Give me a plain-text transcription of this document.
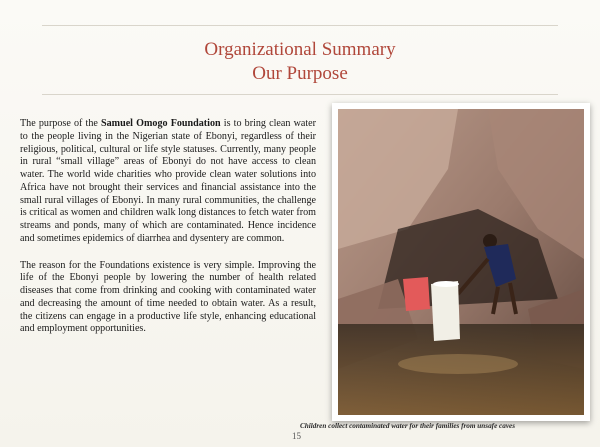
Organizational Summary
Our Purpose

The purpose of the Samuel Omogo Foundation is to bring clean water to the people living in the Nigerian state of Ebonyi, regardless of their religious, political, cultural or life style statuses. Currently, many people in rural “small village” areas of Ebonyi do not have access to clean water. The world wide charities who provide clean water solutions into Africa have not brought their services and financial assistance into the small rural villages of Ebonyi. In many rural communities, the challenge is critical as women and children walk long distances to fetch water from streams and ponds, many of which are contaminated. Hence incidence and sometimes epidemics of diarrhea and dysentery are common.

The reason for the Foundations existence is very simple. Improving the life of the Ebonyi people by lowering the number of health related diseases that come from drinking and cooking with contaminated water and decreasing the amount of time needed to obtain water. As a result, the citizens can engage in a productive life style, enhancing educational and employment opportunities.

Children collect contaminated water for their families from unsafe caves
15
